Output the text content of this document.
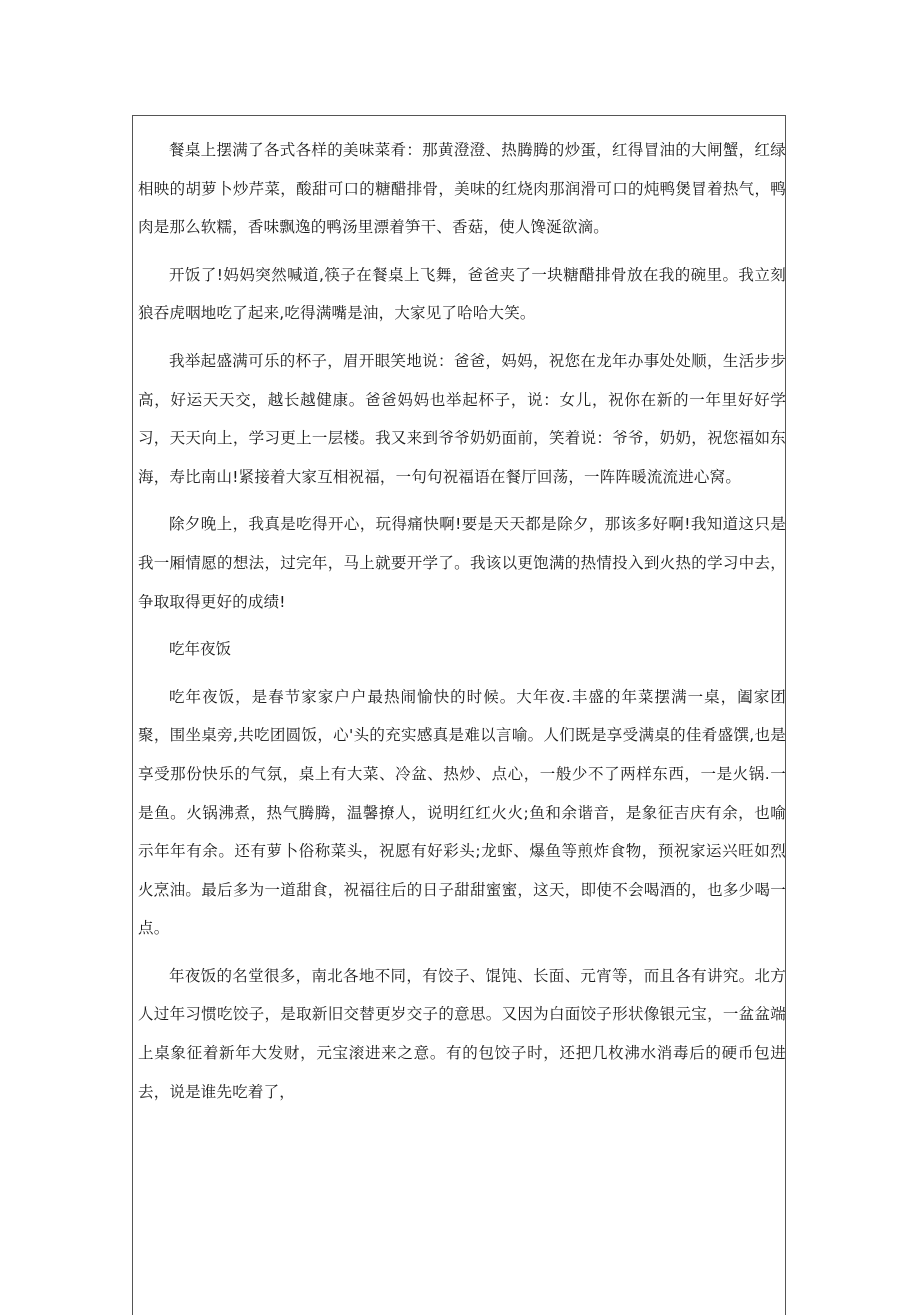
餐桌上摆满了各式各样的美味菜肴：那黄澄澄、热腾腾的炒蛋，红得冒油的大闸蟹，红绿相映的胡萝卜炒芹菜，酸甜可口的糖醋排骨，美味的红烧肉那润滑可口的炖鸭煲冒着热气，鸭肉是那么软糯，香味飘逸的鸭汤里漂着笋干、香菇，使人馋涎欲滴。

开饭了!妈妈突然喊道,筷子在餐桌上飞舞，爸爸夹了一块糖醋排骨放在我的碗里。我立刻狼吞虎咽地吃了起来,吃得满嘴是油，大家见了哈哈大笑。

我举起盛满可乐的杯子，眉开眼笑地说：爸爸，妈妈，祝您在龙年办事处处顺，生活步步高，好运天天交，越长越健康。爸爸妈妈也举起杯子，说：女儿，祝你在新的一年里好好学习，天天向上，学习更上一层楼。我又来到爷爷奶奶面前，笑着说：爷爷，奶奶，祝您福如东海，寿比南山!紧接着大家互相祝福，一句句祝福语在餐厅回荡，一阵阵暖流流进心窝。

除夕晚上，我真是吃得开心，玩得痛快啊!要是天天都是除夕，那该多好啊!我知道这只是我一厢情愿的想法，过完年，马上就要开学了。我该以更饱满的热情投入到火热的学习中去，争取取得更好的成绩!

吃年夜饭

吃年夜饭，是春节家家户户最热闹愉快的时候。大年夜.丰盛的年菜摆满一桌，阖家团聚，围坐桌旁,共吃团圆饭，心'头的充实感真是难以言喻。人们既是享受满桌的佳肴盛馔,也是享受那份快乐的气氛，桌上有大菜、冷盆、热炒、点心，一般少不了两样东西，一是火锅.一是鱼。火锅沸煮，热气腾腾，温馨撩人，说明红红火火;鱼和余谐音，是象征吉庆有余，也喻示年年有余。还有萝卜俗称菜头，祝愿有好彩头;龙虾、爆鱼等煎炸食物，预祝家运兴旺如烈火烹油。最后多为一道甜食，祝福往后的日子甜甜蜜蜜，这天，即使不会喝酒的，也多少喝一点。

年夜饭的名堂很多，南北各地不同，有饺子、馄饨、长面、元宵等，而且各有讲究。北方人过年习惯吃饺子，是取新旧交替更岁交子的意思。又因为白面饺子形状像银元宝，一盆盆端上桌象征着新年大发财，元宝滚进来之意。有的包饺子时，还把几枚沸水消毒后的硬币包进去，说是谁先吃着了，
